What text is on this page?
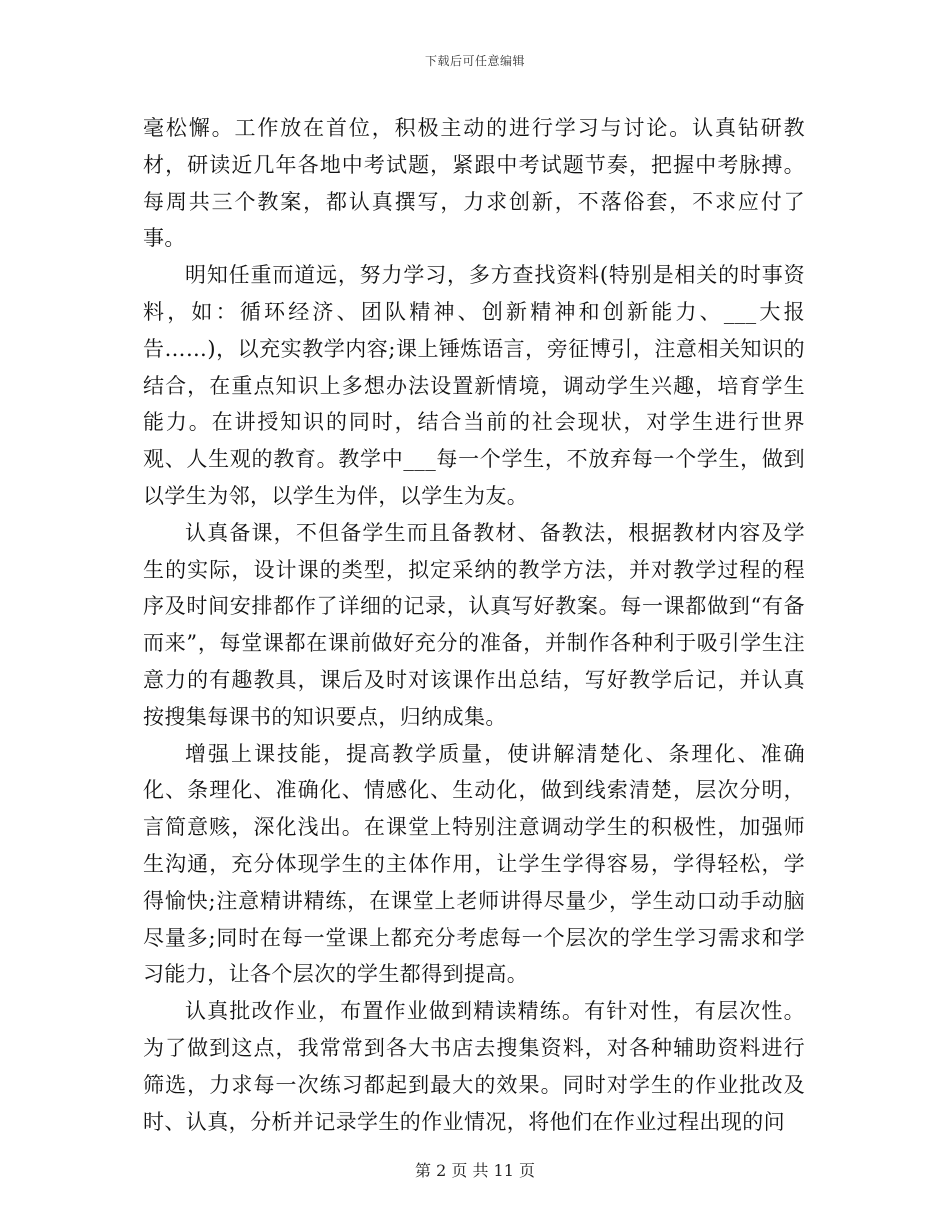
下载后可任意编辑

毫松懈。工作放在首位，积极主动的进行学习与讨论。认真钻研教材，研读近几年各地中考试题，紧跟中考试题节奏，把握中考脉搏。每周共三个教案，都认真撰写，力求创新，不落俗套，不求应付了事。

明知任重而道远，努力学习，多方查找资料(特别是相关的时事资料，如：循环经济、团队精神、创新精神和创新能力、___大报告……)，以充实教学内容;课上锤炼语言，旁征博引，注意相关知识的结合，在重点知识上多想办法设置新情境，调动学生兴趣，培育学生能力。在讲授知识的同时，结合当前的社会现状，对学生进行世界观、人生观的教育。教学中___每一个学生，不放弃每一个学生，做到以学生为邻，以学生为伴，以学生为友。

认真备课，不但备学生而且备教材、备教法，根据教材内容及学生的实际，设计课的类型，拟定采纳的教学方法，并对教学过程的程序及时间安排都作了详细的记录，认真写好教案。每一课都做到“有备而来”，每堂课都在课前做好充分的准备，并制作各种利于吸引学生注意力的有趣教具，课后及时对该课作出总结，写好教学后记，并认真按搜集每课书的知识要点，归纳成集。

增强上课技能，提高教学质量，使讲解清楚化、条理化、准确化、条理化、准确化、情感化、生动化，做到线索清楚，层次分明，言简意赅，深化浅出。在课堂上特别注意调动学生的积极性，加强师生沟通，充分体现学生的主体作用，让学生学得容易，学得轻松，学得愉快;注意精讲精练，在课堂上老师讲得尽量少，学生动口动手动脑尽量多;同时在每一堂课上都充分考虑每一个层次的学生学习需求和学习能力，让各个层次的学生都得到提高。

认真批改作业，布置作业做到精读精练。有针对性，有层次性。为了做到这点，我常常到各大书店去搜集资料，对各种辅助资料进行筛选，力求每一次练习都起到最大的效果。同时对学生的作业批改及时、认真，分析并记录学生的作业情况，将他们在作业过程出现的问

第 2 页 共 11 页
